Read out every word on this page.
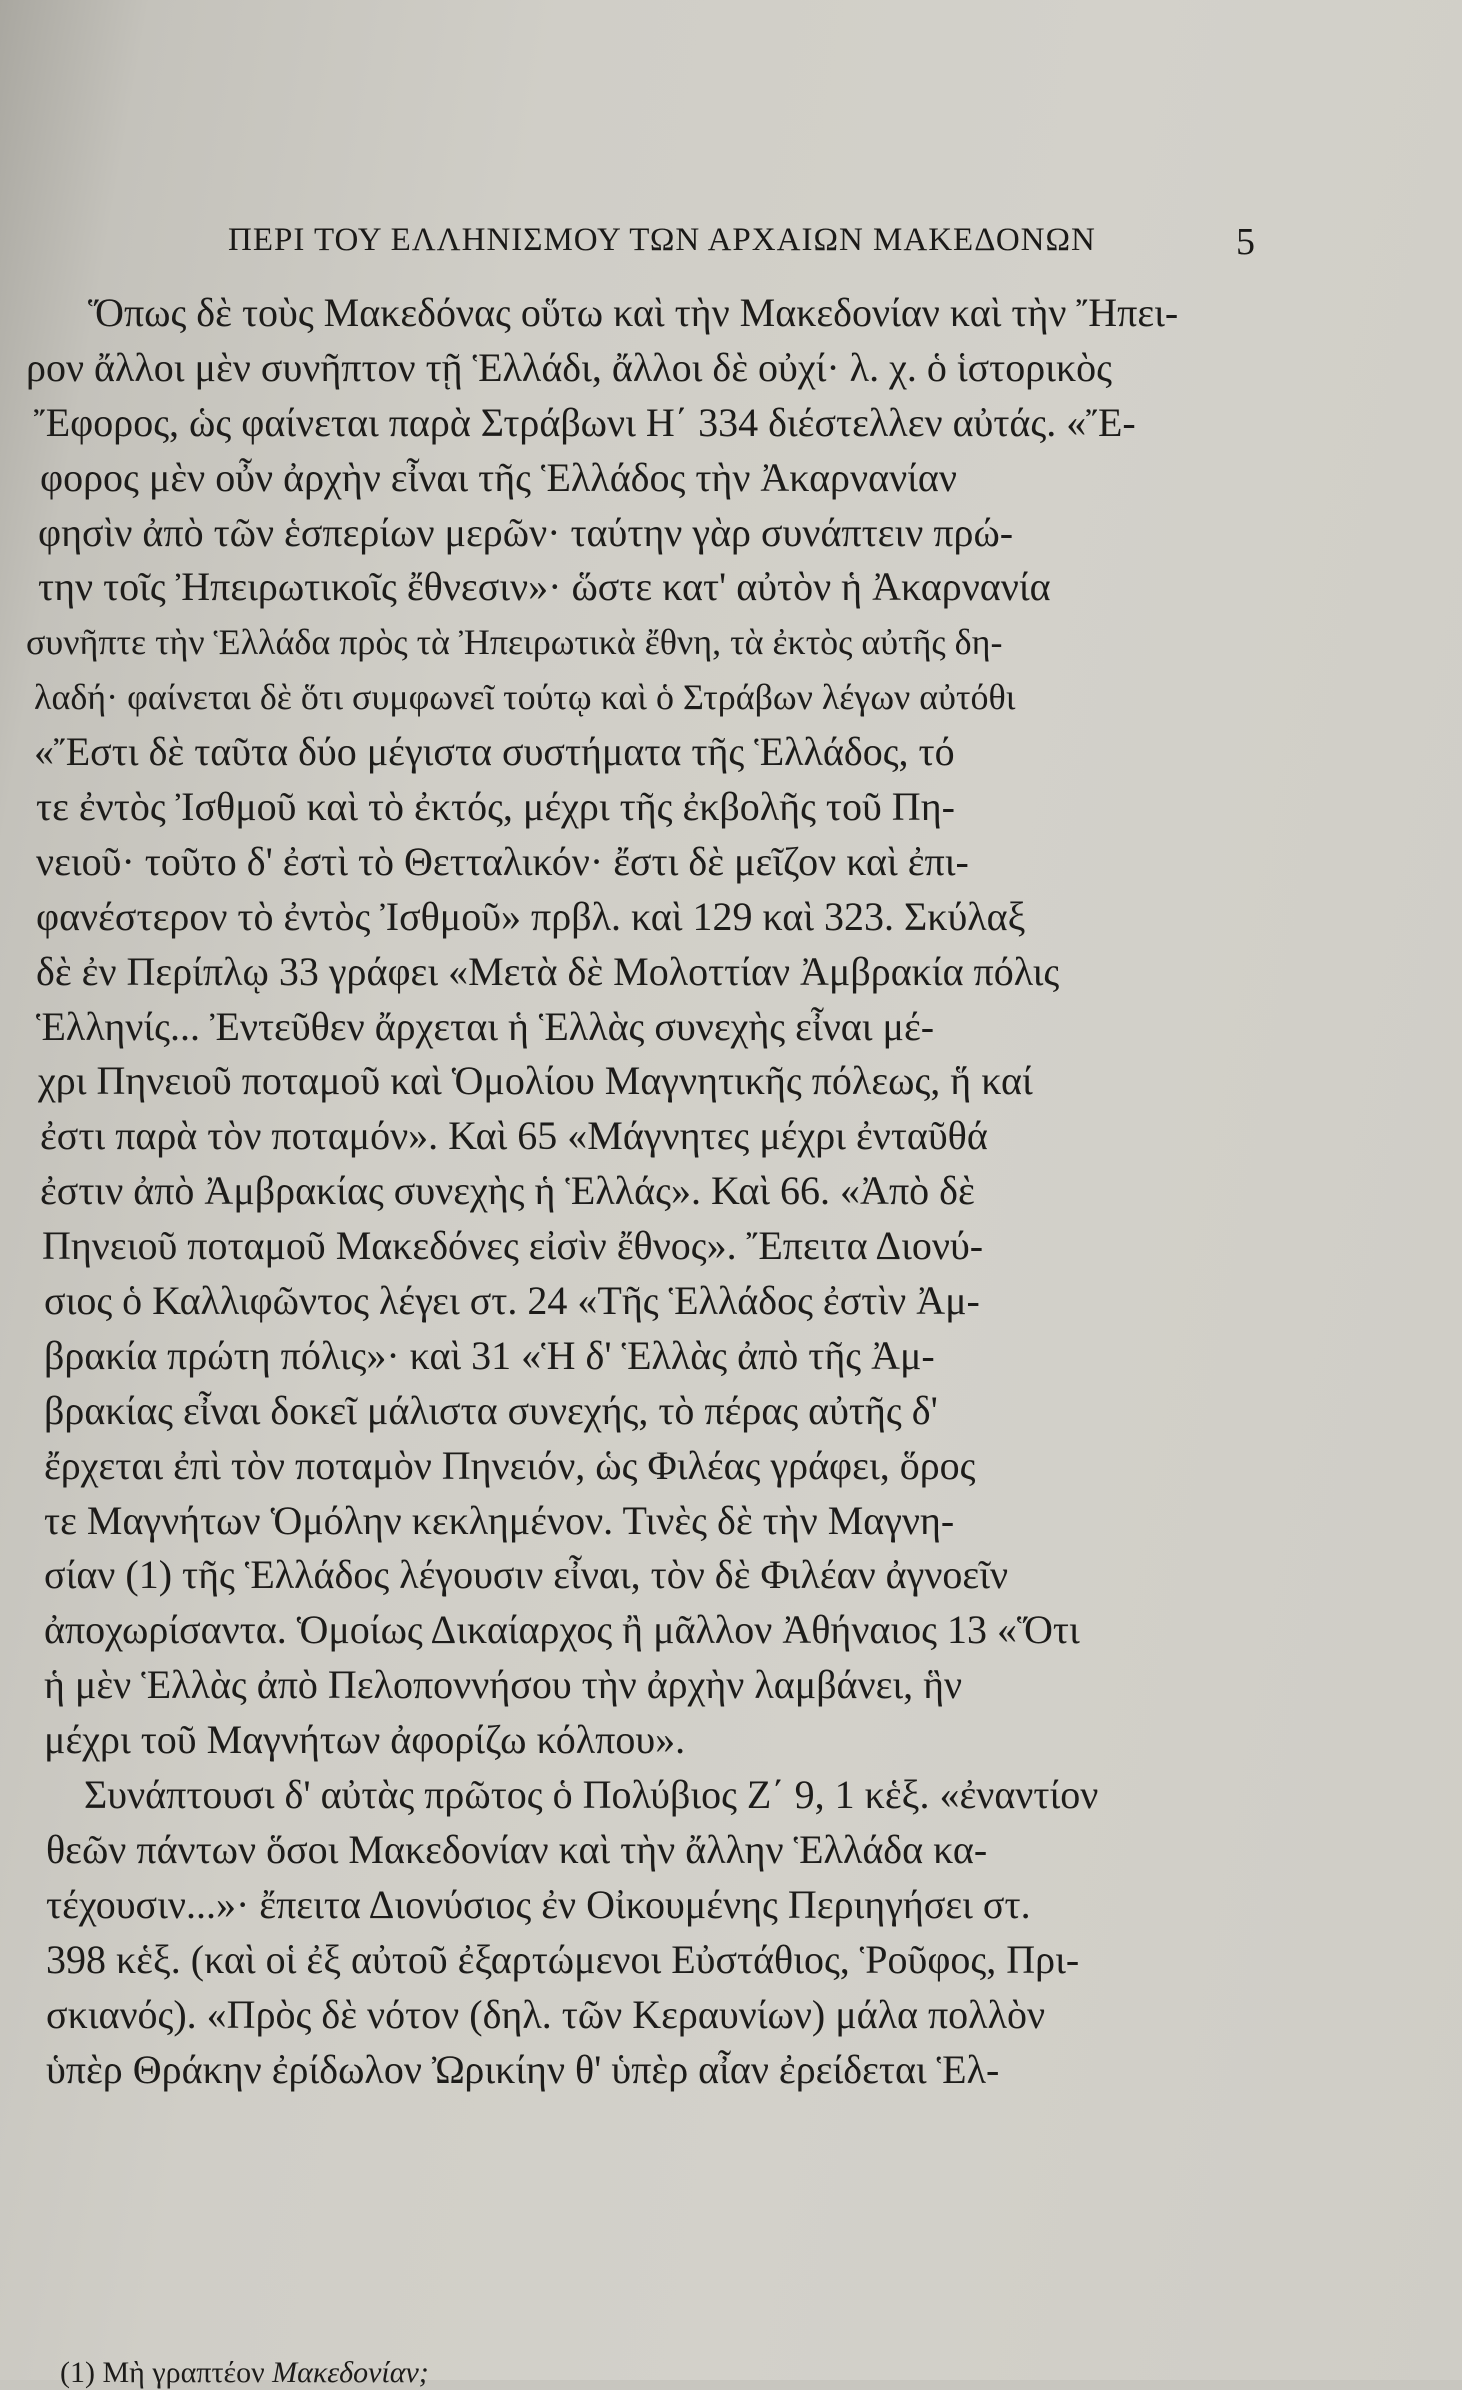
ΠΕΡΙ ΤΟΥ ΕΛΛΗΝΙΣΜΟΥ ΤΩΝ ΑΡΧΑΙΩΝ ΜΑΚΕΔΟΝΩΝ	5
Ὅπως δὲ τοὺς Μακεδόνας οὕτω καὶ τὴν Μακεδονίαν καὶ τὴν Ἤπει-
ρον ἄλλοι μὲν συνῆπτον τῇ Ἑλλάδι, ἄλλοι δὲ οὐχί· λ. χ. ὁ ἱστορικὸς
Ἔφορος, ὡς φαίνεται παρὰ Στράβωνι Η΄ 334 διέστελλεν αὐτάς. «Ἔ-
φορος μὲν οὖν ἀρχὴν εἶναι τῆς Ἑλλάδος τὴν Ἀκαρνανίαν
φησὶν ἀπὸ τῶν ἑσπερίων μερῶν· ταύτην γὰρ συνάπτειν πρώ-
την τοῖς Ἠπειρωτικοῖς ἔθνεσιν»· ὥστε κατ' αὐτὸν ἡ Ἀκαρνανία
συνῆπτε τὴν Ἑλλάδα πρὸς τὰ Ἠπειρωτικὰ ἔθνη, τὰ ἐκτὸς αὐτῆς δη-
λαδή· φαίνεται δὲ ὅτι συμφωνεῖ τούτῳ καὶ ὁ Στράβων λέγων αὐτόθι
«Ἔστι δὲ ταῦτα δύο μέγιστα συστήματα τῆς Ἑλλάδος, τό
τε ἐντὸς Ἰσθμοῦ καὶ τὸ ἐκτός, μέχρι τῆς ἐκβολῆς τοῦ Πη-
νειοῦ· τοῦτο δ' ἐστὶ τὸ Θετταλικόν· ἔστι δὲ μεῖζον καὶ ἐπι-
φανέστερον τὸ ἐντὸς Ἰσθμοῦ» πρβλ. καὶ 129 καὶ 323. Σκύλαξ
δὲ ἐν Περίπλῳ 33 γράφει «Μετὰ δὲ Μολοττίαν Ἀμβρακία πόλις
Ἑλληνίς... Ἐντεῦθεν ἄρχεται ἡ Ἑλλὰς συνεχὴς εἶναι μέ-
χρι Πηνειοῦ ποταμοῦ καὶ Ὁμολίου Μαγνητικῆς πόλεως, ἥ καί
ἐστι παρὰ τὸν ποταμόν». Καὶ 65 «Μάγνητες μέχρι ἐνταῦθά
ἐστιν ἀπὸ Ἀμβρακίας συνεχὴς ἡ Ἑλλάς». Καὶ 66. «Ἀπὸ δὲ
Πηνειοῦ ποταμοῦ Μακεδόνες εἰσὶν ἔθνος». Ἔπειτα Διονύ-
σιος ὁ Καλλιφῶντος λέγει στ. 24 «Τῆς Ἑλλάδος ἐστὶν Ἀμ-
βρακία πρώτη πόλις»· καὶ 31 «Ἡ δ' Ἑλλὰς ἀπὸ τῆς Ἀμ-
βρακίας εἶναι δοκεῖ μάλιστα συνεχής, τὸ πέρας αὐτῆς δ'
ἔρχεται ἐπὶ τὸν ποταμὸν Πηνειόν, ὡς Φιλέας γράφει, ὅρος
τε Μαγνήτων Ὁμόλην κεκλημένον. Τινὲς δὲ τὴν Μαγνη-
σίαν (1) τῆς Ἑλλάδος λέγουσιν εἶναι, τὸν δὲ Φιλέαν ἀγνοεῖν
ἀποχωρίσαντα. Ὁμοίως Δικαίαρχος ἢ μᾶλλον Ἀθήναιος 13 «Ὅτι
ἡ μὲν Ἑλλὰς ἀπὸ Πελοποννήσου τὴν ἀρχὴν λαμβάνει, ἣν
μέχρι τοῦ Μαγνήτων ἀφορίζω κόλπου».
Συνάπτουσι δ' αὐτὰς πρῶτος ὁ Πολύβιος Ζ΄ 9, 1 κἑξ. «ἐναντίον
θεῶν πάντων ὅσοι Μακεδονίαν καὶ τὴν ἄλλην Ἑλλάδα κα-
τέχουσιν...»· ἔπειτα Διονύσιος ἐν Οἰκουμένης Περιηγήσει στ.
398 κἑξ. (καὶ οἱ ἐξ αὐτοῦ ἐξαρτώμενοι Εὐστάθιος, Ῥοῦφος, Πρι-
σκιανός). «Πρὸς δὲ νότον (δηλ. τῶν Κεραυνίων) μάλα πολλὸν
ὑπὲρ Θράκην ἐρίδωλον Ὠρικίην θ' ὑπὲρ αἶαν ἐρείδεται Ἑλ-
(1) Μὴ γραπτέον Μακεδονίαν;
